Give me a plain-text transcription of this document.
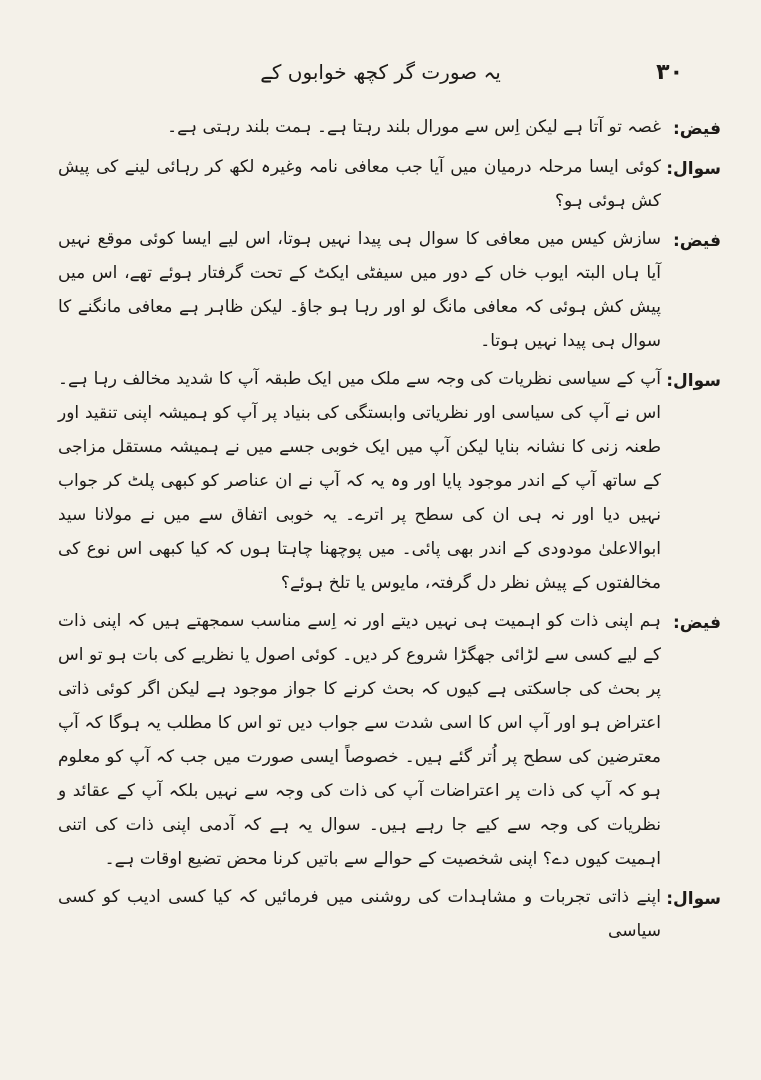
۳۰
یہ صورت گر کچھ خوابوں کے
فیض:
غصہ تو آتا ہے لیکن اِس سے مورال بلند رہتا ہے۔ ہمت بلند رہتی ہے۔
سوال:
کوئی ایسا مرحلہ درمیان میں آیا جب معافی نامہ وغیرہ لکھ کر رہائی لینے کی پیش کش ہوئی ہو؟
فیض:
سازش کیس میں معافی کا سوال ہی پیدا نہیں ہوتا، اس لیے ایسا کوئی موقع نہیں آیا ہاں البتہ ایوب خاں کے دور میں سیفٹی ایکٹ کے تحت گرفتار ہوئے تھے، اس میں پیش کش ہوئی کہ معافی مانگ لو اور رہا ہو جاؤ۔ لیکن ظاہر ہے معافی مانگنے کا سوال ہی پیدا نہیں ہوتا۔
سوال:
آپ کے سیاسی نظریات کی وجہ سے ملک میں ایک طبقہ آپ کا شدید مخالف رہا ہے۔ اس نے آپ کی سیاسی اور نظریاتی وابستگی کی بنیاد پر آپ کو ہمیشہ اپنی تنقید اور طعنہ زنی کا نشانہ بنایا لیکن آپ میں ایک خوبی جسے میں نے ہمیشہ مستقل مزاجی کے ساتھ آپ کے اندر موجود پایا اور وہ یہ کہ آپ نے ان عناصر کو کبھی پلٹ کر جواب نہیں دیا اور نہ ہی ان کی سطح پر اترے۔ یہ خوبی اتفاق سے میں نے مولانا سید ابوالاعلیٰ مودودی کے اندر بھی پائی۔ میں پوچھنا چاہتا ہوں کہ کیا کبھی اس نوع کی مخالفتوں کے پیش نظر دل گرفتہ، مایوس یا تلخ ہوئے؟
فیض:
ہم اپنی ذات کو اہمیت ہی نہیں دیتے اور نہ اِسے مناسب سمجھتے ہیں کہ اپنی ذات کے لیے کسی سے لڑائی جھگڑا شروع کر دیں۔ کوئی اصول یا نظریے کی بات ہو تو اس پر بحث کی جاسکتی ہے کیوں کہ بحث کرنے کا جواز موجود ہے لیکن اگر کوئی ذاتی اعتراض ہو اور آپ اس کا اسی شدت سے جواب دیں تو اس کا مطلب یہ ہوگا کہ آپ معترضین کی سطح پر اُتر گئے ہیں۔ خصوصاً ایسی صورت میں جب کہ آپ کو معلوم ہو کہ آپ کی ذات پر اعتراضات آپ کی ذات کی وجہ سے نہیں بلکہ آپ کے عقائد و نظریات کی وجہ سے کیے جا رہے ہیں۔ سوال یہ ہے کہ آدمی اپنی ذات کی اتنی اہمیت کیوں دے؟ اپنی شخصیت کے حوالے سے باتیں کرنا محض تضیع اوقات ہے۔
سوال:
اپنے ذاتی تجربات و مشاہدات کی روشنی میں فرمائیں کہ کیا کسی ادیب کو کسی سیاسی
